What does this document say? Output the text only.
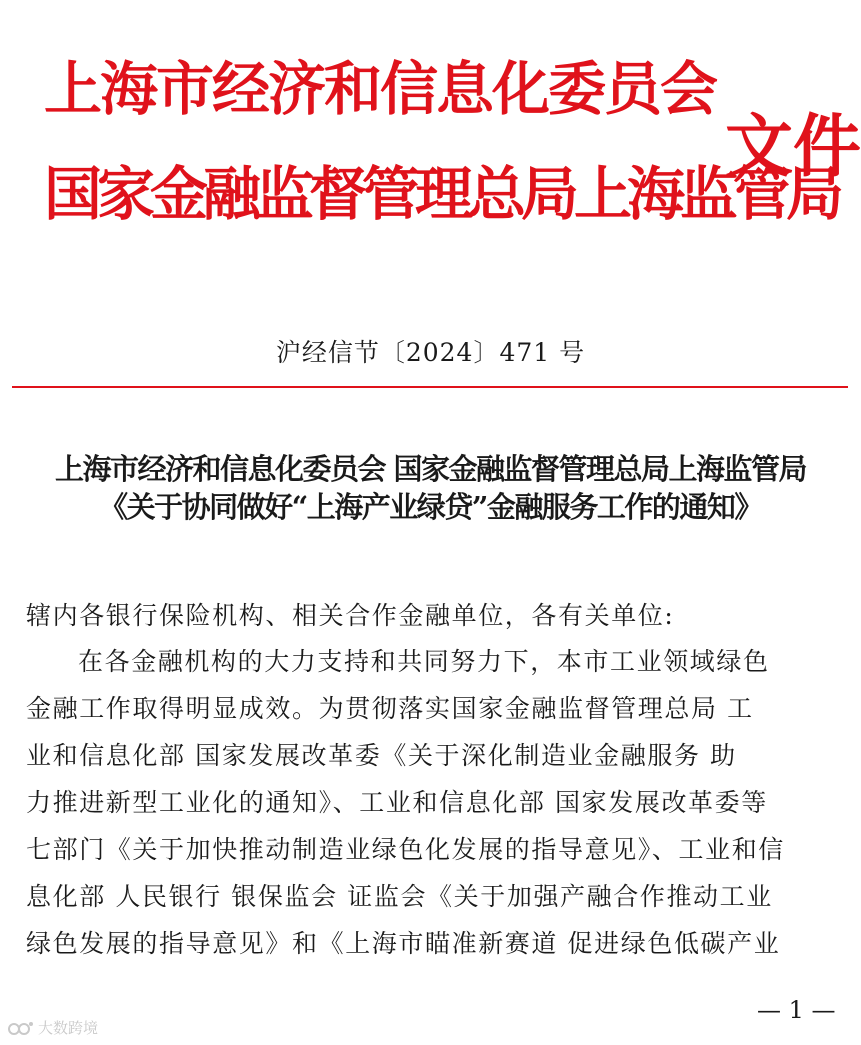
上海市经济和信息化委员会
国家金融监督管理总局上海监管局
文件
沪经信节〔2024〕471 号
上海市经济和信息化委员会 国家金融监督管理总局上海监管局
《关于协同做好“上海产业绿贷”金融服务工作的通知》
辖内各银行保险机构、相关合作金融单位，各有关单位:
在各金融机构的大力支持和共同努力下，本市工业领域绿色
金融工作取得明显成效。为贯彻落实国家金融监督管理总局 工
业和信息化部 国家发展改革委《关于深化制造业金融服务 助
力推进新型工业化的通知》、工业和信息化部 国家发展改革委等
七部门《关于加快推动制造业绿色化发展的指导意见》、工业和信
息化部 人民银行 银保监会 证监会《关于加强产融合作推动工业
绿色发展的指导意见》和《上海市瞄准新赛道 促进绿色低碳产业
— 1 —
大数跨境
